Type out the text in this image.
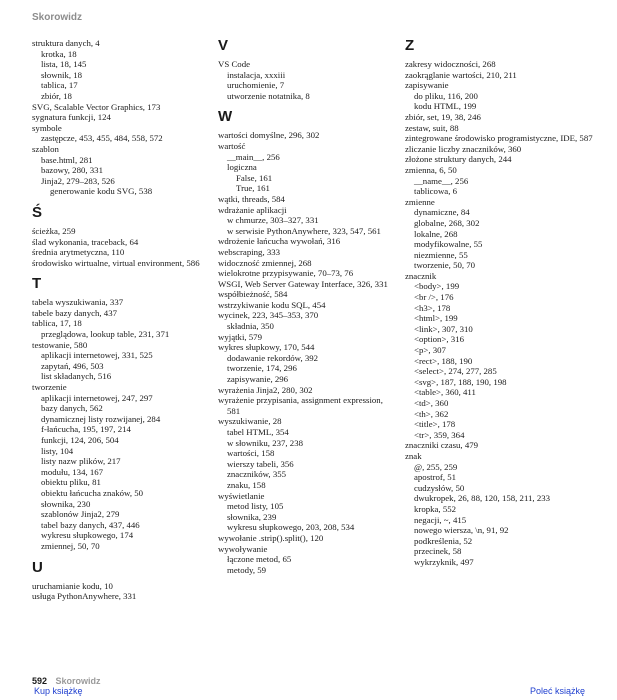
Skorowidz
struktura danych, 4
krotka, 18
lista, 18, 145
słownik, 18
tablica, 17
zbiór, 18
SVG, Scalable Vector Graphics, 173
sygnatura funkcji, 124
symbole
zastępcze, 453, 455, 484, 558, 572
szablon
base.html, 281
bazowy, 280, 331
Jinja2, 279–283, 526
generowanie kodu SVG, 538
Ś
ścieżka, 259
ślad wykonania, traceback, 64
średnia arytmetyczna, 110
środowisko wirtualne, virtual environment, 586
T
tabela wyszukiwania, 337
tabele bazy danych, 437
tablica, 17, 18
przeglądowa, lookup table, 231, 371
testowanie, 580
aplikacji internetowej, 331, 525
zapytań, 496, 503
list składanych, 516
tworzenie
aplikacji internetowej, 247, 297
bazy danych, 562
dynamicznej listy rozwijanej, 284
f-łańcucha, 195, 197, 214
funkcji, 124, 206, 504
listy, 104
listy nazw plików, 217
modułu, 134, 167
obiektu pliku, 81
obiektu łańcucha znaków, 50
słownika, 230
szablonów Jinja2, 279
tabel bazy danych, 437, 446
wykresu słupkowego, 174
zmiennej, 50, 70
U
uruchamianie kodu, 10
usługa PythonAnywhere, 331
V
VS Code
instalacja, xxxiii
uruchomienie, 7
utworzenie notatnika, 8
W
wartości domyślne, 296, 302
wartość
__main__, 256
logiczna
False, 161
True, 161
wątki, threads, 584
wdrażanie aplikacji
w chmurze, 303–327, 331
w serwisie PythonAnywhere, 323, 547, 561
wdrożenie łańcucha wywołań, 316
webscraping, 333
widoczność zmiennej, 268
wielokrotne przypisywanie, 70–73, 76
WSGI, Web Server Gateway Interface, 326, 331
współbieżność, 584
wstrzykiwanie kodu SQL, 454
wycinek, 223, 345–353, 370
składnia, 350
wyjątki, 579
wykres słupkowy, 170, 544
dodawanie rekordów, 392
tworzenie, 174, 296
zapisywanie, 296
wyrażenia Jinja2, 280, 302
wyrażenie przypisania, assignment expression, 581
wyszukiwanie, 28
tabel HTML, 354
w słowniku, 237, 238
wartości, 158
wierszy tabeli, 356
znaczników, 355
znaku, 158
wyświetlanie
metod listy, 105
słownika, 239
wykresu słupkowego, 203, 208, 534
wywołanie .strip().split(), 120
wywoływanie
łączone metod, 65
metody, 59
Z
zakresy widoczności, 268
zaokrąglanie wartości, 210, 211
zapisywanie
do pliku, 116, 200
kodu HTML, 199
zbiór, set, 19, 38, 246
zestaw, suit, 88
zintegrowane środowisko programistyczne, IDE, 587
zliczanie liczby znaczników, 360
złożone struktury danych, 244
zmienna, 6, 50
__name__, 256
tablicowa, 6
zmienne
dynamiczne, 84
globalne, 268, 302
lokalne, 268
modyfikowalne, 55
niezmienne, 55
tworzenie, 50, 70
znacznik
<body>, 199
<br />, 176
<h3>, 178
<html>, 199
<link>, 307, 310
<option>, 316
<p>, 307
<rect>, 188, 190
<select>, 274, 277, 285
<svg>, 187, 188, 190, 198
<table>, 360, 411
<td>, 360
<th>, 362
<title>, 178
<tr>, 359, 364
znaczniki czasu, 479
znak
@, 255, 259
apostrof, 51
cudzysłów, 50
dwukropek, 26, 88, 120, 158, 211, 233
kropka, 552
negacji, ~, 415
nowego wiersza, \n, 91, 92
podkreślenia, 52
przecinek, 58
wykrzyknik, 497
592 Skorowidz
Kup książkę	Poleć książkę
